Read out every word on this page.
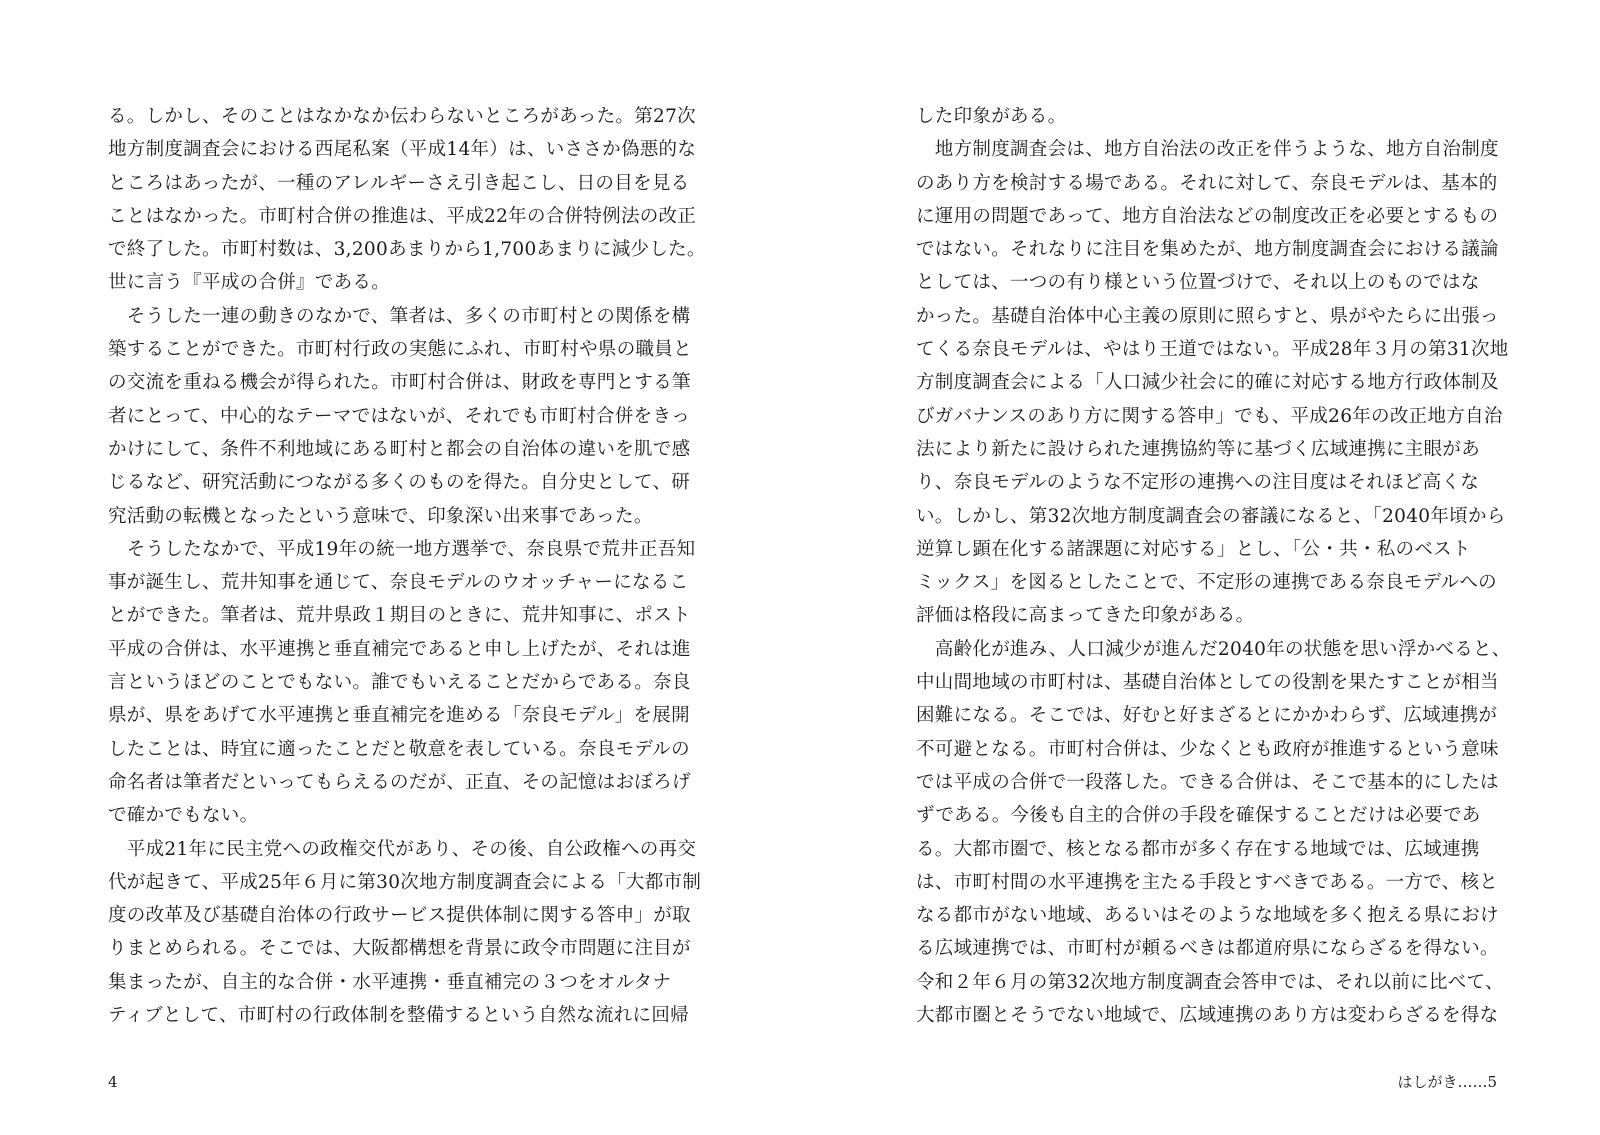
る。しかし、そのことはなかなか伝わらないところがあった。第27次
地方制度調査会における西尾私案（平成14年）は、いささか偽悪的な
ところはあったが、一種のアレルギーさえ引き起こし、日の目を見る
ことはなかった。市町村合併の推進は、平成22年の合併特例法の改正
で終了した。市町村数は、3,200あまりから1,700あまりに減少した。
世に言う『平成の合併』である。
　そうした一連の動きのなかで、筆者は、多くの市町村との関係を構
築することができた。市町村行政の実態にふれ、市町村や県の職員と
の交流を重ねる機会が得られた。市町村合併は、財政を専門とする筆
者にとって、中心的なテーマではないが、それでも市町村合併をきっ
かけにして、条件不利地域にある町村と都会の自治体の違いを肌で感
じるなど、研究活動につながる多くのものを得た。自分史として、研
究活動の転機となったという意味で、印象深い出来事であった。
　そうしたなかで、平成19年の統一地方選挙で、奈良県で荒井正吾知
事が誕生し、荒井知事を通じて、奈良モデルのウオッチャーになるこ
とができた。筆者は、荒井県政１期目のときに、荒井知事に、ポスト
平成の合併は、水平連携と垂直補完であると申し上げたが、それは進
言というほどのことでもない。誰でもいえることだからである。奈良
県が、県をあげて水平連携と垂直補完を進める「奈良モデル」を展開
したことは、時宜に適ったことだと敬意を表している。奈良モデルの
命名者は筆者だといってもらえるのだが、正直、その記憶はおぼろげ
で確かでもない。
　平成21年に民主党への政権交代があり、その後、自公政権への再交
代が起きて、平成25年６月に第30次地方制度調査会による「大都市制
度の改革及び基礎自治体の行政サービス提供体制に関する答申」が取
りまとめられる。そこでは、大阪都構想を背景に政令市問題に注目が
集まったが、自主的な合併・水平連携・垂直補完の３つをオルタナ
ティブとして、市町村の行政体制を整備するという自然な流れに回帰
した印象がある。
　地方制度調査会は、地方自治法の改正を伴うような、地方自治制度
のあり方を検討する場である。それに対して、奈良モデルは、基本的
に運用の問題であって、地方自治法などの制度改正を必要とするもの
ではない。それなりに注目を集めたが、地方制度調査会における議論
としては、一つの有り様という位置づけで、それ以上のものではな
かった。基礎自治体中心主義の原則に照らすと、県がやたらに出張っ
てくる奈良モデルは、やはり王道ではない。平成28年３月の第31次地
方制度調査会による「人口減少社会に的確に対応する地方行政体制及
びガバナンスのあり方に関する答申」でも、平成26年の改正地方自治
法により新たに設けられた連携協約等に基づく広域連携に主眼があ
り、奈良モデルのような不定形の連携への注目度はそれほど高くな
い。しかし、第32次地方制度調査会の審議になると、「2040年頃から
逆算し顕在化する諸課題に対応する」とし、「公・共・私のベスト
ミックス」を図るとしたことで、不定形の連携である奈良モデルへの
評価は格段に高まってきた印象がある。
　高齢化が進み、人口減少が進んだ2040年の状態を思い浮かべると、
中山間地域の市町村は、基礎自治体としての役割を果たすことが相当
困難になる。そこでは、好むと好まざるとにかかわらず、広域連携が
不可避となる。市町村合併は、少なくとも政府が推進するという意味
では平成の合併で一段落した。できる合併は、そこで基本的にしたは
ずである。今後も自主的合併の手段を確保することだけは必要であ
る。大都市圏で、核となる都市が多く存在する地域では、広域連携
は、市町村間の水平連携を主たる手段とすべきである。一方で、核と
なる都市がない地域、あるいはそのような地域を多く抱える県におけ
る広域連携では、市町村が頼るべきは都道府県にならざるを得ない。
令和２年６月の第32次地方制度調査会答申では、それ以前に比べて、
大都市圏とそうでない地域で、広域連携のあり方は変わらざるを得な
4	はしがき……5
